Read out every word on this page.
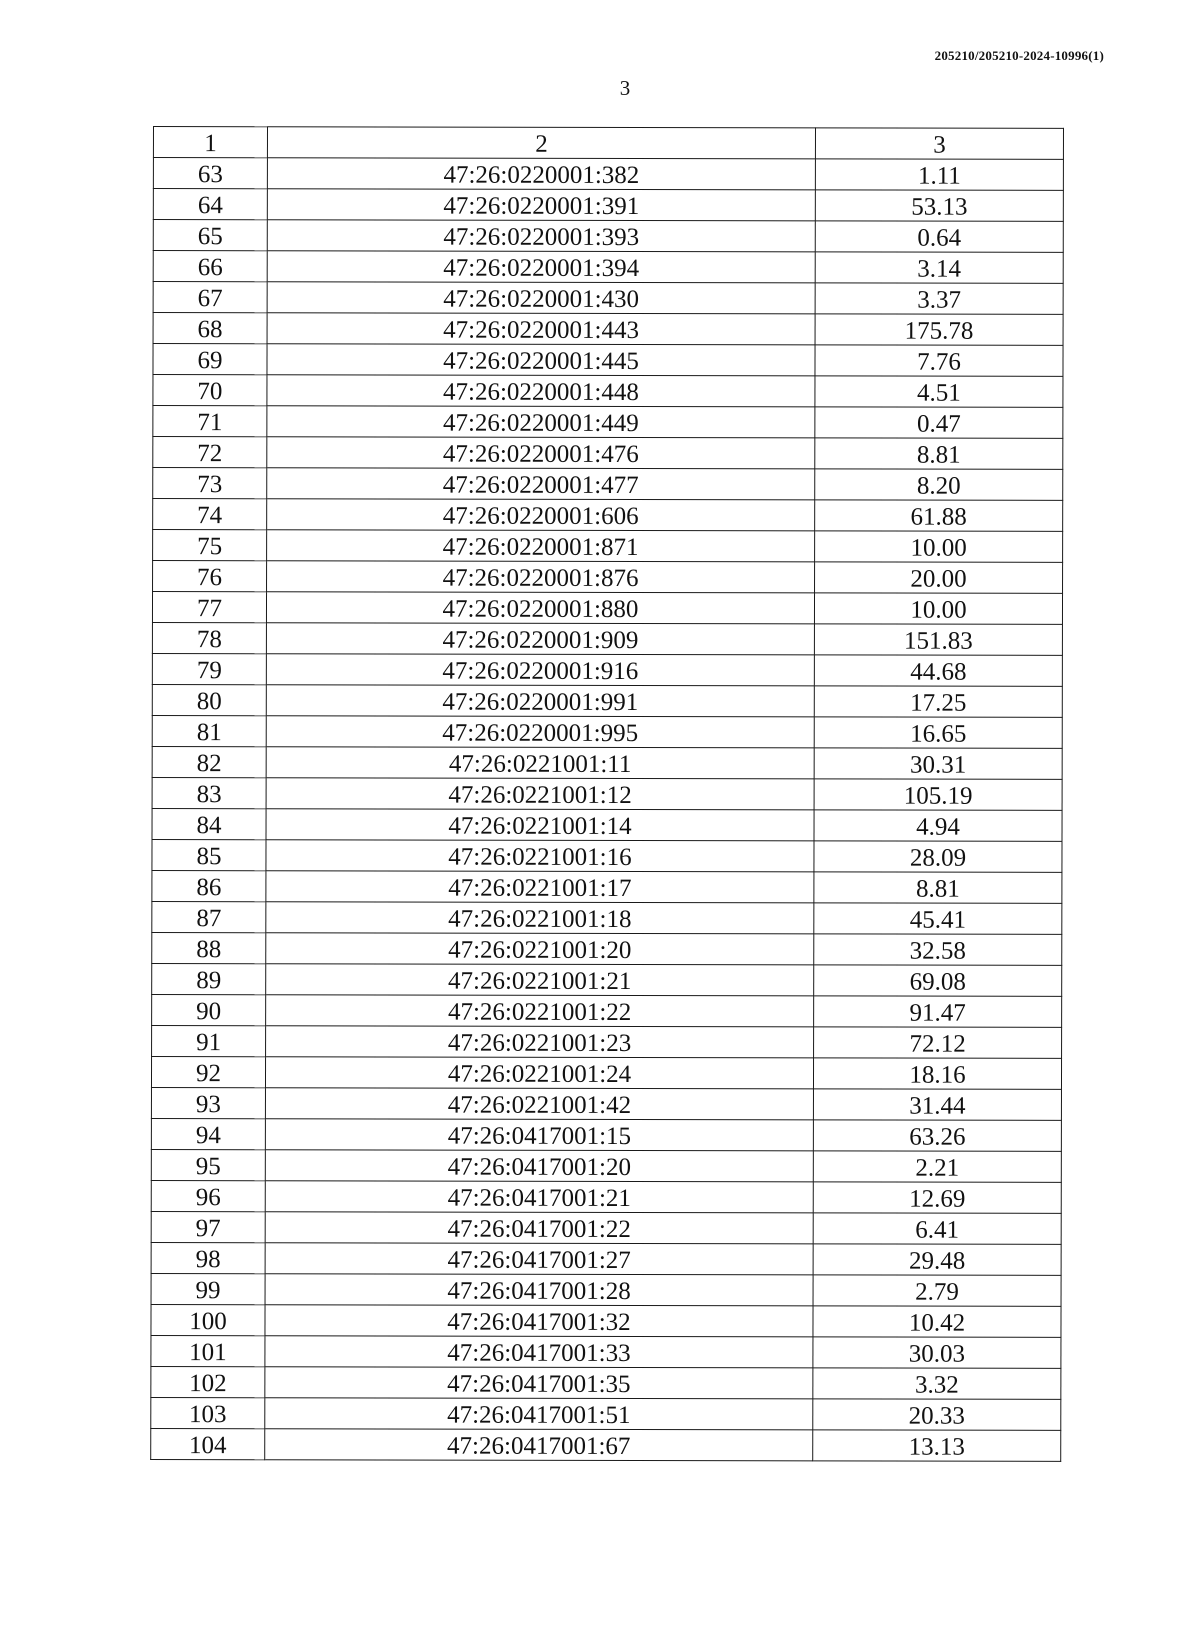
205210/205210-2024-10996(1)
3
1	2	3
63	47:26:0220001:382	1.11
64	47:26:0220001:391	53.13
65	47:26:0220001:393	0.64
66	47:26:0220001:394	3.14
67	47:26:0220001:430	3.37
68	47:26:0220001:443	175.78
69	47:26:0220001:445	7.76
70	47:26:0220001:448	4.51
71	47:26:0220001:449	0.47
72	47:26:0220001:476	8.81
73	47:26:0220001:477	8.20
74	47:26:0220001:606	61.88
75	47:26:0220001:871	10.00
76	47:26:0220001:876	20.00
77	47:26:0220001:880	10.00
78	47:26:0220001:909	151.83
79	47:26:0220001:916	44.68
80	47:26:0220001:991	17.25
81	47:26:0220001:995	16.65
82	47:26:0221001:11	30.31
83	47:26:0221001:12	105.19
84	47:26:0221001:14	4.94
85	47:26:0221001:16	28.09
86	47:26:0221001:17	8.81
87	47:26:0221001:18	45.41
88	47:26:0221001:20	32.58
89	47:26:0221001:21	69.08
90	47:26:0221001:22	91.47
91	47:26:0221001:23	72.12
92	47:26:0221001:24	18.16
93	47:26:0221001:42	31.44
94	47:26:0417001:15	63.26
95	47:26:0417001:20	2.21
96	47:26:0417001:21	12.69
97	47:26:0417001:22	6.41
98	47:26:0417001:27	29.48
99	47:26:0417001:28	2.79
100	47:26:0417001:32	10.42
101	47:26:0417001:33	30.03
102	47:26:0417001:35	3.32
103	47:26:0417001:51	20.33
104	47:26:0417001:67	13.13
